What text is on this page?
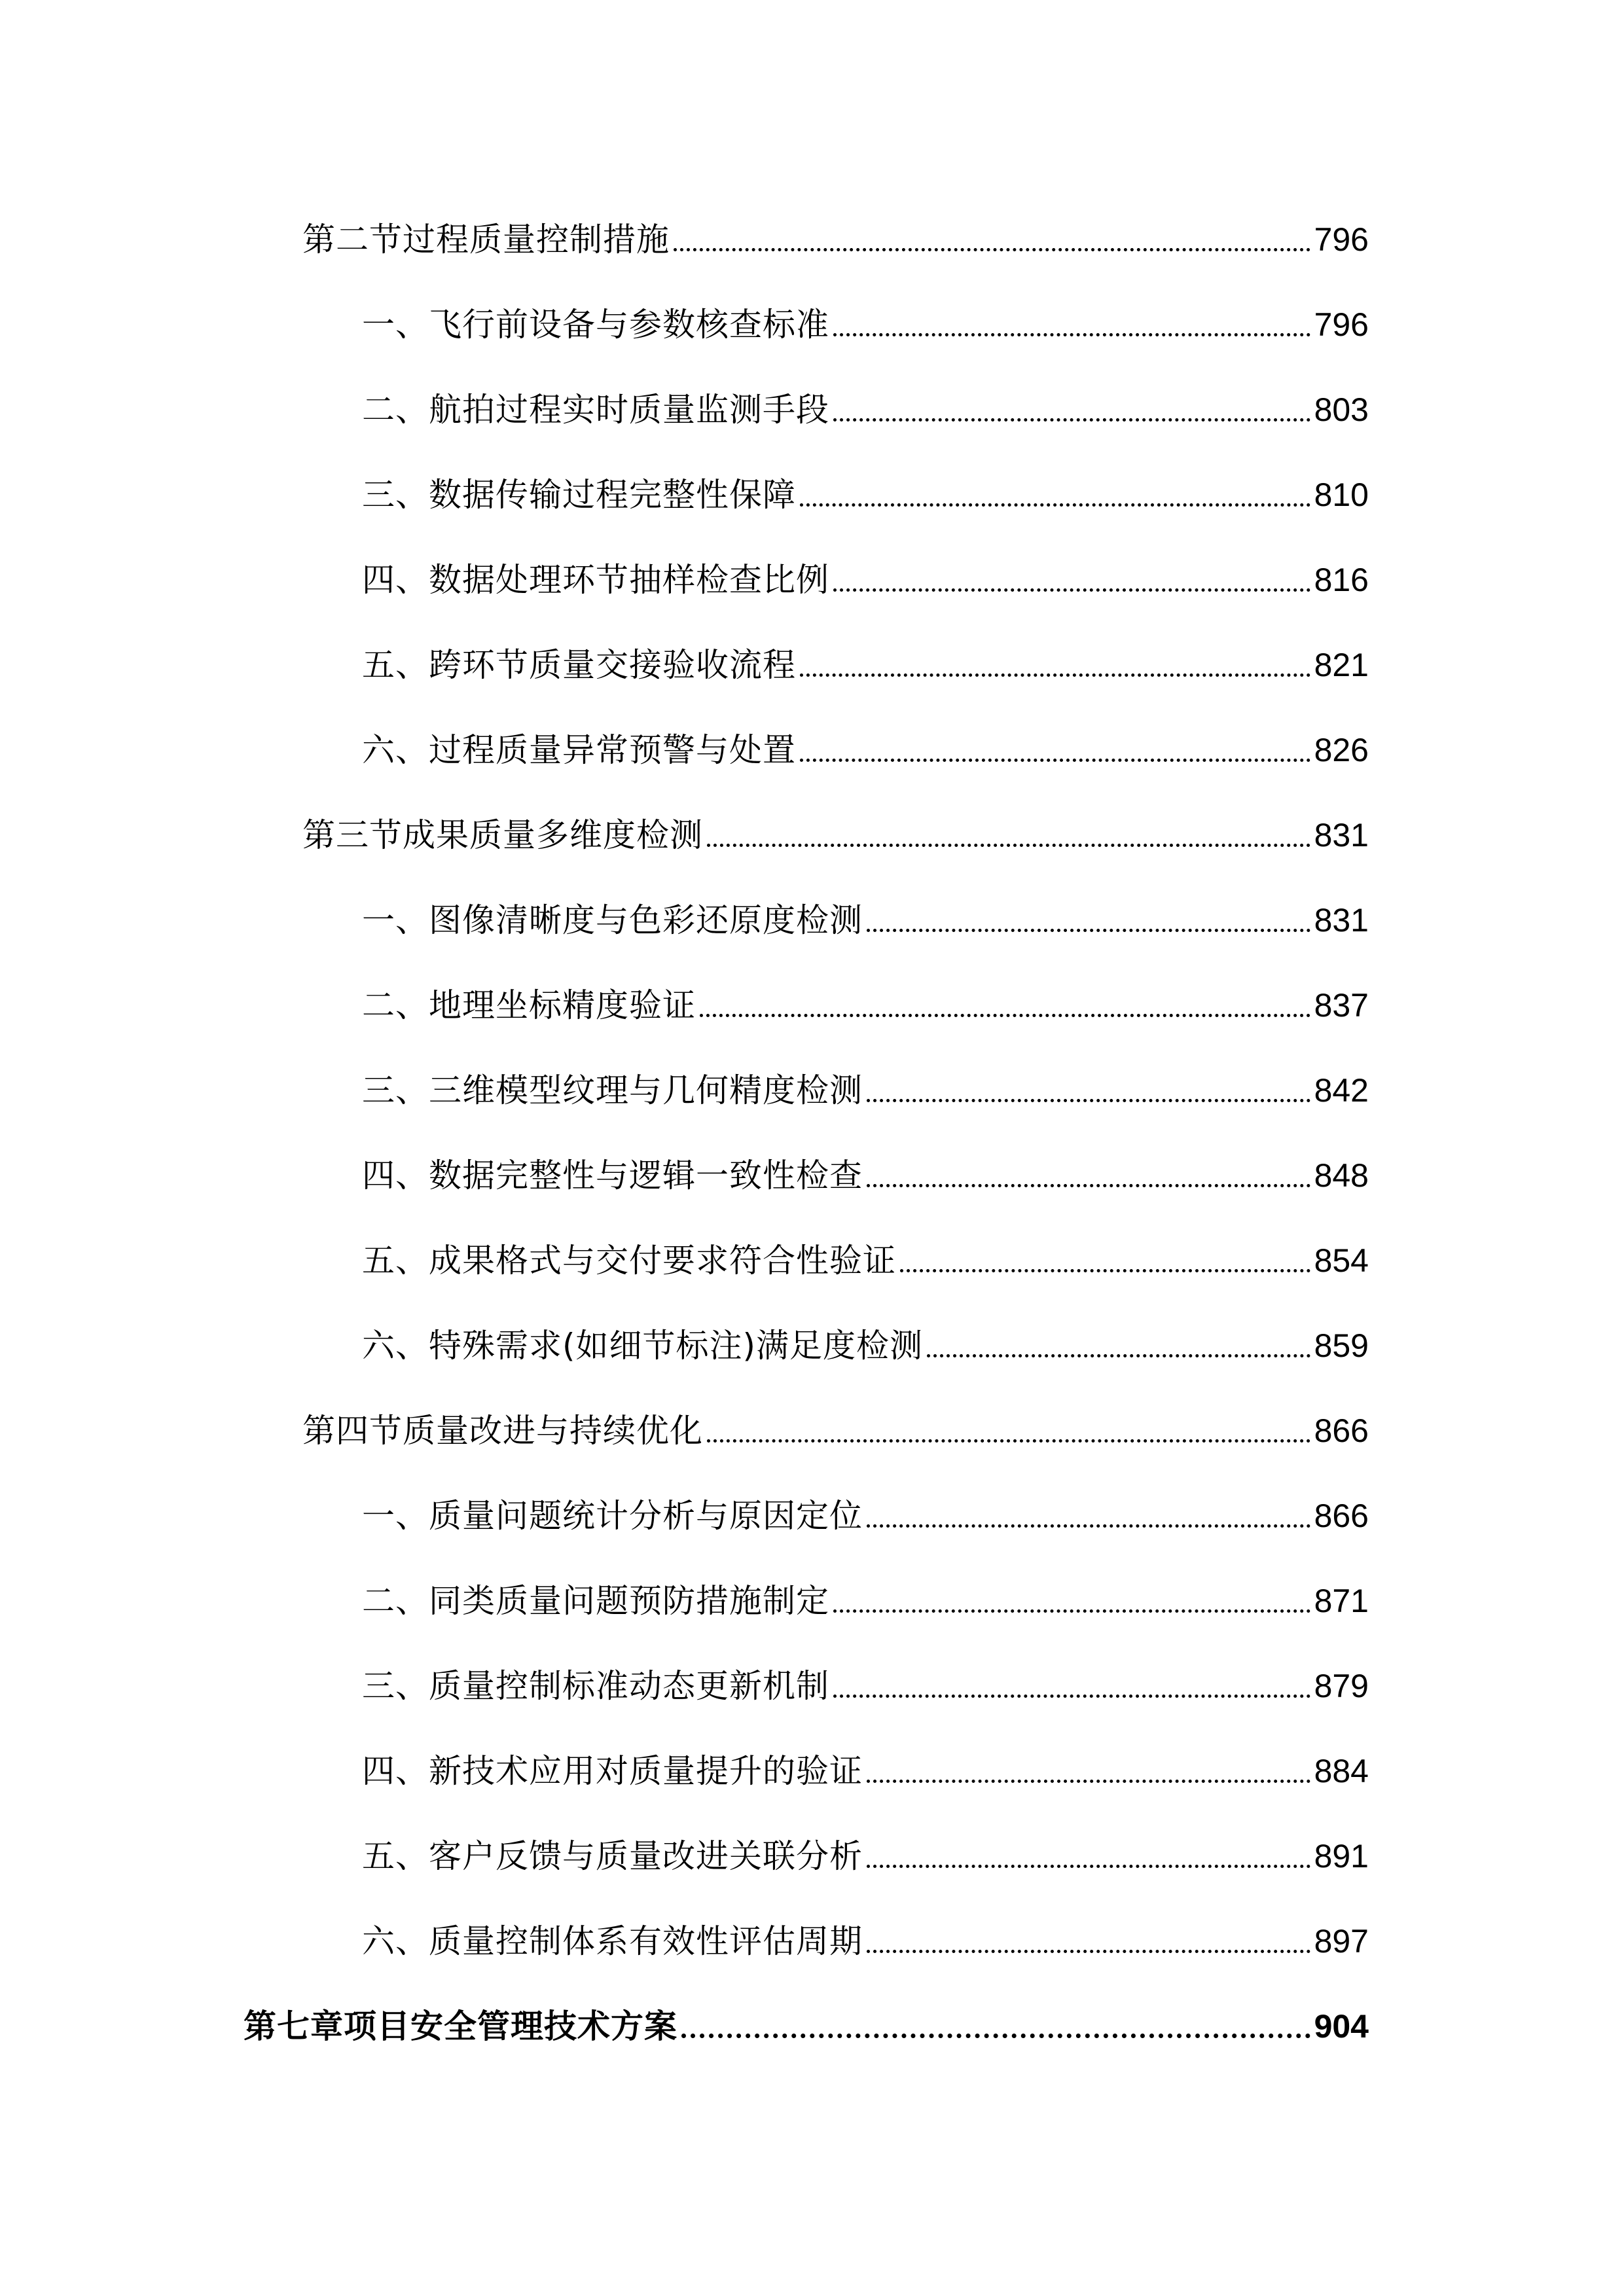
第二节过程质量控制措施	796
一、飞行前设备与参数核查标准	796
二、航拍过程实时质量监测手段	803
三、数据传输过程完整性保障	810
四、数据处理环节抽样检查比例	816
五、跨环节质量交接验收流程	821
六、过程质量异常预警与处置	826
第三节成果质量多维度检测	831
一、图像清晰度与色彩还原度检测	831
二、地理坐标精度验证	837
三、三维模型纹理与几何精度检测	842
四、数据完整性与逻辑一致性检查	848
五、成果格式与交付要求符合性验证	854
六、特殊需求(如细节标注)满足度检测	859
第四节质量改进与持续优化	866
一、质量问题统计分析与原因定位	866
二、同类质量问题预防措施制定	871
三、质量控制标准动态更新机制	879
四、新技术应用对质量提升的验证	884
五、客户反馈与质量改进关联分析	891
六、质量控制体系有效性评估周期	897
第七章项目安全管理技术方案	904
